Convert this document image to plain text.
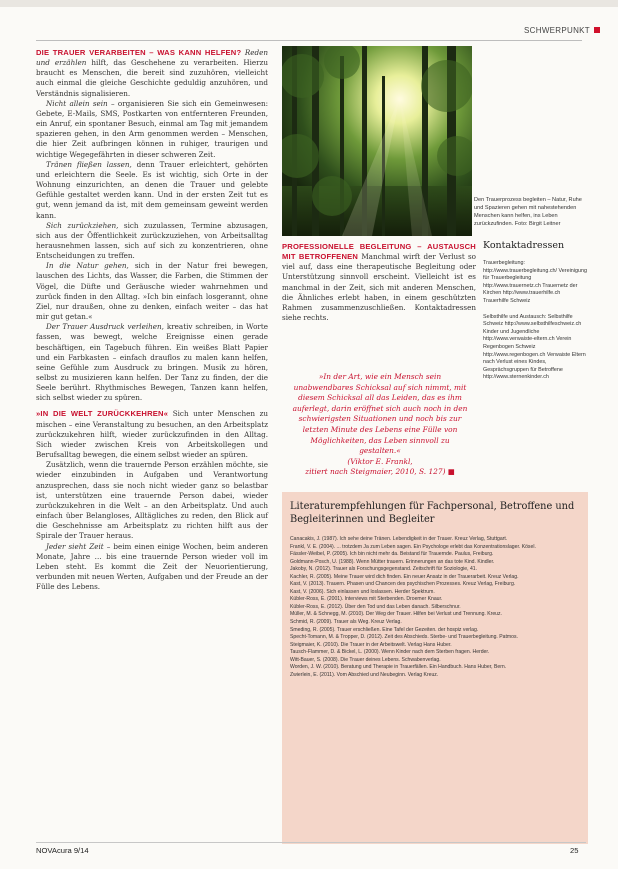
SCHWERPUNKT

DIE TRAUER VERARBEITEN – WAS KANN HELFEN? Reden und erzählen hilft, das Geschehene zu verarbeiten. Hierzu braucht es Menschen, die bereit sind zuzuhören, vielleicht auch einmal die gleiche Geschichte geduldig anzuhören, und Verständnis signalisieren.

Nicht allein sein – organisieren Sie sich ein Gemeinwesen: Gebete, E-Mails, SMS, Postkarten von entfernteren Freunden, ein Anruf, ein spontaner Besuch, einmal am Tag mit jemandem spazieren gehen, in den Arm genommen werden – Menschen, die hier Zeit aufbringen können in ruhiger, traurigen und wichtige Wegegefährten in dieser schweren Zeit.

Tränen fließen lassen, denn Trauer erleichtert, gehörten und erleichtern die Seele. Es ist wichtig, sich Orte in der Wohnung einzurichten, an denen die Trauer und gelebte Gefühle gestaltet werden kann. Und in der ersten Zeit tut es gut, wenn jemand da ist, mit dem gemeinsam geweint werden kann.

Sich zurückziehen, sich zuzulassen, Termine abzusagen, sich aus der Öffentlichkeit zurückzuziehen, von Arbeitsalltag herausnehmen lassen, sich auf sich zu konzentrieren, ohne Entscheidungen zu treffen.

In die Natur gehen, sich in der Natur frei bewegen, lauschen des Lichts, das Wasser, die Farben, die Stimmen der Vögel, die Düfte und Geräusche wieder wahrnehmen und zurück finden in den Alltag. »Ich bin einfach losgerannt, ohne Ziel, nur draußen, ohne zu denken, einfach weiter – das hat mir gut getan.«

Der Trauer Ausdruck verleihen, kreativ schreiben, in Worte fassen, was bewegt, welche Ereignisse einen gerade beschäftigen, ein Tagebuch führen. Ein weißes Blatt Papier und ein Farbkasten – einfach drauflos zu malen kann helfen, seine Gefühle zum Ausdruck zu bringen. Musik zu hören, selbst zu musizieren kann helfen. Der Tanz zu finden, der die Seele berührt. Rhythmisches Bewegen, Tanzen kann helfen, sich selbst wieder zu spüren.

»IN DIE WELT ZURÜCKKEHREN« Sich unter Menschen zu mischen – eine Veranstaltung zu besuchen, an den Arbeitsplatz zurückzukehren hilft, wieder zurückzufinden in den Alltag. Sich wieder zwischen Kreis von Arbeitskollegen und Berufsalltag bewegen, die einem selbst wieder an spüren.

Zusätzlich, wenn die trauernde Person erzählen möchte, sie wieder einzubinden in Aufgaben und Verantwortung anzusprechen, dass sie noch nicht wieder ganz so belastbar ist, unterstützen eine trauernde Person dabei, wieder zurückzukehren in die Welt – an den Arbeitsplatz. Und auch einfach über Belangloses, Alltägliches zu reden, den Blick auf die Geschehnisse am Arbeitsplatz zu richten hilft aus der Spirale der Trauer heraus.

Jeder sieht Zeit – beim einen einige Wochen, beim anderen Monate, Jahre ... bis eine trauernde Person wieder voll im Leben steht. Es kommt die Zeit der Neuorientierung, verbunden mit neuen Werten, Aufgaben und der Freude an der Fülle des Lebens.

Den Trauerprozess begleiten – Natur, Ruhe und Spazieren gehen mit nahestehenden Menschen kann helfen, ins Leben zurückzufinden. Foto: Birgit Leitner

PROFESSIONELLE BEGLEITUNG – AUSTAUSCH MIT BETROFFENEN Manchmal wirft der Verlust so viel auf, dass eine therapeutische Begleitung oder Unterstützung sinnvoll erscheint. Vielleicht ist es manchmal in der Zeit, sich mit anderen Menschen, die Ähnliches erlebt haben, in einem geschützten Rahmen zusammenzuschließen. Kontaktadressen siehe rechts.

»In der Art, wie ein Mensch sein unabwendbares Schicksal auf sich nimmt, mit diesem Schicksal all das Leiden, das es ihm auferlegt, darin eröffnet sich auch noch in den schwierigsten Situationen und noch bis zur letzten Minute des Lebens eine Fülle von Möglichkeiten, das Leben sinnvoll zu gestalten.«
(Viktor E. Frankl,
zitiert nach Steigmaier, 2010, S. 127) ■
Kontaktadressen
Trauerbegleitung: http://www.trauerbegleitung.ch/ Vereinigung für Trauerbegleitung http://www.trauernetz.ch Trauernetz der Kirchen http://www.trauerhilfe.ch Trauerhilfe Schweiz
Selbsthilfe und Austausch: Selbsthilfe Schweiz http://www.selbsthilfeschweiz.ch Kinder und Jugendliche http://www.verwaiste-eltern.ch Verein Regenbogen Schweiz http://www.regenbogen.ch Verwaiste Eltern nach Verlust eines Kindes, Gesprächsgruppen für Betroffene http://www.sternenkinder.ch
Literaturempfehlungen für Fachpersonal, Betroffene und Begleiterinnen und Begleiter
Canacakis, J. (1987). Ich sehe deine Tränen. Lebendigkeit in der Trauer. Kreuz Verlag, Stuttgart.
Frankl, V. E. (2004). ... trotzdem Ja zum Leben sagen. Ein Psychologe erlebt das Konzentrationslager. Kösel.
Fässler-Weibel, P. (2005). Ich bin nicht mehr da. Beistand für Trauernde. Paulus, Freiburg.
Goldmann-Posch, U. (1988). Wenn Mütter trauern. Erinnerungen an das tote Kind. Kindler.
Jakoby, N. (2012). Trauer als Forschungsgegenstand. Zeitschrift für Soziologie, 41.
Kachler, R. (2005). Meine Trauer wird dich finden. Ein neuer Ansatz in der Trauerarbeit. Kreuz Verlag.
Kast, V. (2013). Trauern. Phasen und Chancen des psychischen Prozesses. Kreuz Verlag, Freiburg.
Kast, V. (2006). Sich einlassen und loslassen. Herder Spektrum.
Kübler-Ross, E. (2001). Interviews mit Sterbenden. Droemer Knaur.
Kübler-Ross, E. (2012). Über den Tod und das Leben danach. Silberschnur.
Müller, M. & Schnegg, M. (2010). Der Weg der Trauer. Hilfen bei Verlust und Trennung. Kreuz.
Schmid, R. (2009). Trauer als Weg. Kreuz Verlag.
Smeding, R. (2005). Trauer erschließen. Eine Tafel der Gezeiten. der hospiz verlag.
Specht-Tomann, M. & Tropper, D. (2012). Zeit des Abschieds. Sterbe- und Trauerbegleitung. Patmos.
Steigmaier, K. (2010). Die Trauer in der Arbeitswelt. Verlag Hans Huber.
Tausch-Flammer, D. & Bickel, L. (2000). Wenn Kinder nach dem Sterben fragen. Herder.
Witt-Bauer, S. (2008). Die Trauer deines Lebens. Schwabenverlag.
Worden, J. W. (2010). Beratung und Therapie in Trauerfällen. Ein Handbuch. Hans Huber, Bern.
Zwierlein, E. (2011). Vom Abschied und Neubeginn. Verlag Kreuz.
NOVAcura 9/14	25
